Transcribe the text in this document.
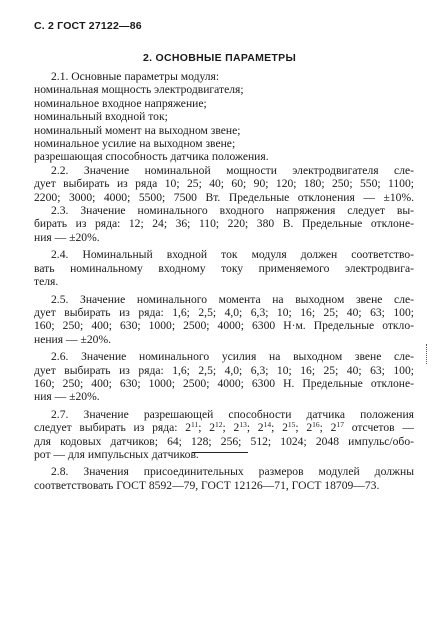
С. 2 ГОСТ 27122—86
2. ОСНОВНЫЕ ПАРАМЕТРЫ
2.1. Основные параметры модуля:
номинальная мощность электродвигателя;
номинальное входное напряжение;
номинальный входной ток;
номинальный момент на выходном звене;
номинальное усилие на выходном звене;
разрешающая способность датчика положения.
2.2. Значение номинальной мощности электродвигателя сле-
дует выбирать из ряда 10; 25; 40; 60; 90; 120; 180; 250; 550; 1100;
2200; 3000; 4000; 5500; 7500 Вт. Предельные отклонения — ±10%.
2.3. Значение номинального входного напряжения следует вы-
бирать из ряда: 12; 24; 36; 110; 220; 380 В. Предельные отклоне-
ния — ±20%.
2.4. Номинальный входной ток модуля должен соответство-
вать номинальному входному току применяемого электродвига-
теля.
2.5. Значение номинального момента на выходном звене сле-
дует выбирать из ряда: 1,6; 2,5; 4,0; 6,3; 10; 16; 25; 40; 63; 100;
160; 250; 400; 630; 1000; 2500; 4000; 6300 Н·м. Предельные откло-
нения — ±20%.
2.6. Значение номинального усилия на выходном звене сле-
дует выбирать из ряда: 1,6; 2,5; 4,0; 6,3; 10; 16; 25; 40; 63; 100;
160; 250; 400; 630; 1000; 2500; 4000; 6300 Н. Предельные отклоне-
ния — ±20%.
2.7. Значение разрешающей способности датчика положения
следует выбирать из ряда: $2^{11}$; $2^{12}$; $2^{13}$; $2^{14}$; $2^{15}$; $2^{16}$; $2^{17}$ отсчетов —
для кодовых датчиков; 64; 128; 256; 512; 1024; 2048 импульс/обо-
рот — для импульсных датчиков.
2.8. Значения присоединительных размеров модулей должны
соответствовать ГОСТ 8592—79, ГОСТ 12126—71, ГОСТ 18709—73.
